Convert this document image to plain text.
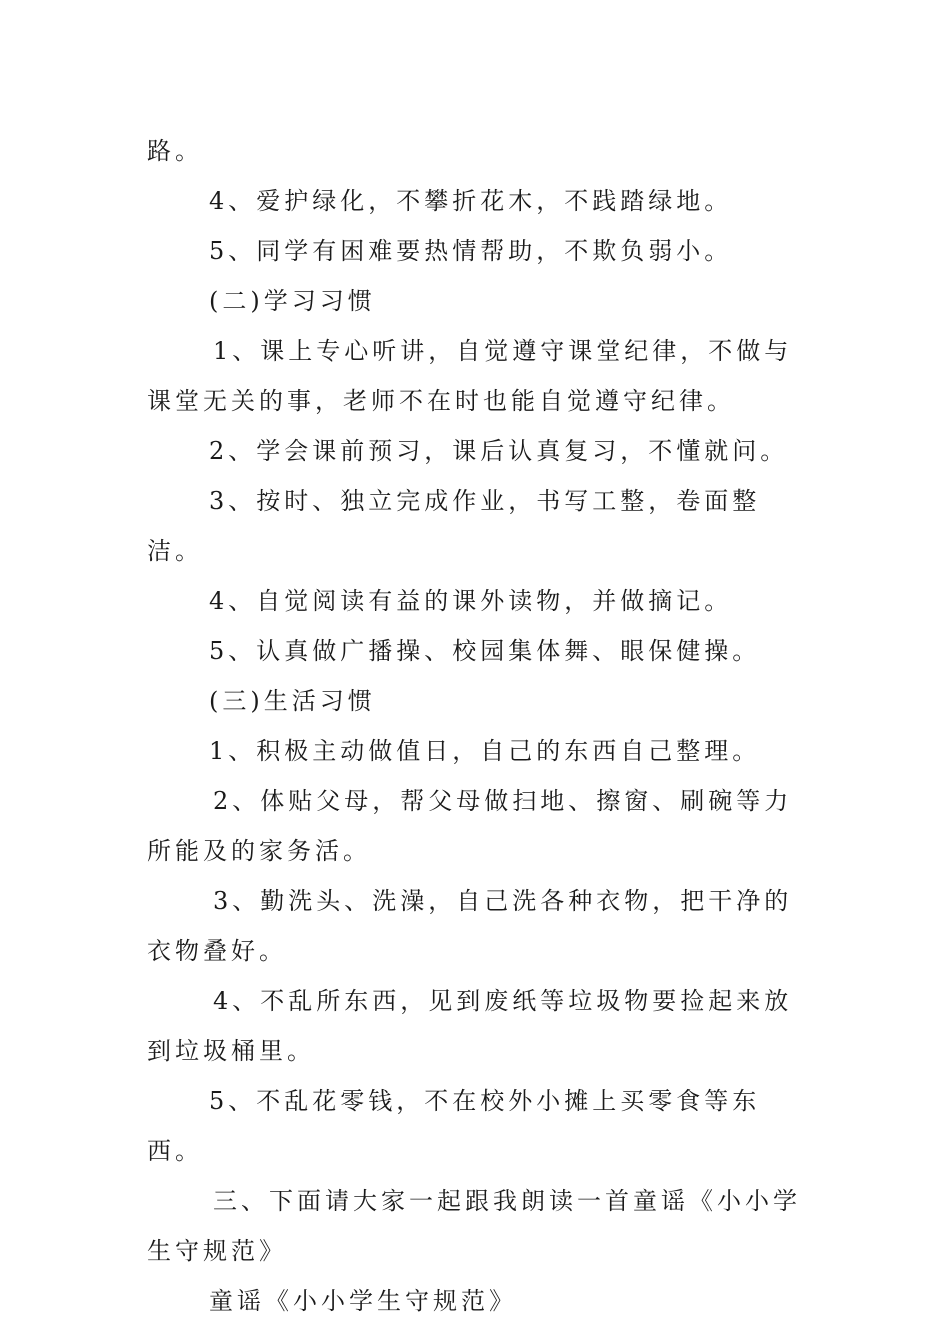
路。

4、爱护绿化，不攀折花木，不践踏绿地。

5、同学有困难要热情帮助，不欺负弱小。

(二)学习习惯

1、课上专心听讲，自觉遵守课堂纪律，不做与课堂无关的事，老师不在时也能自觉遵守纪律。

2、学会课前预习，课后认真复习，不懂就问。

3、按时、独立完成作业，书写工整，卷面整洁。

4、自觉阅读有益的课外读物，并做摘记。

5、认真做广播操、校园集体舞、眼保健操。

(三)生活习惯

1、积极主动做值日，自己的东西自己整理。

2、体贴父母，帮父母做扫地、擦窗、刷碗等力所能及的家务活。

3、勤洗头、洗澡，自己洗各种衣物，把干净的衣物叠好。

4、不乱所东西，见到废纸等垃圾物要捡起来放到垃圾桶里。

5、不乱花零钱，不在校外小摊上买零食等东西。

三、下面请大家一起跟我朗读一首童谣《小小学生守规范》

童谣《小小学生守规范》
